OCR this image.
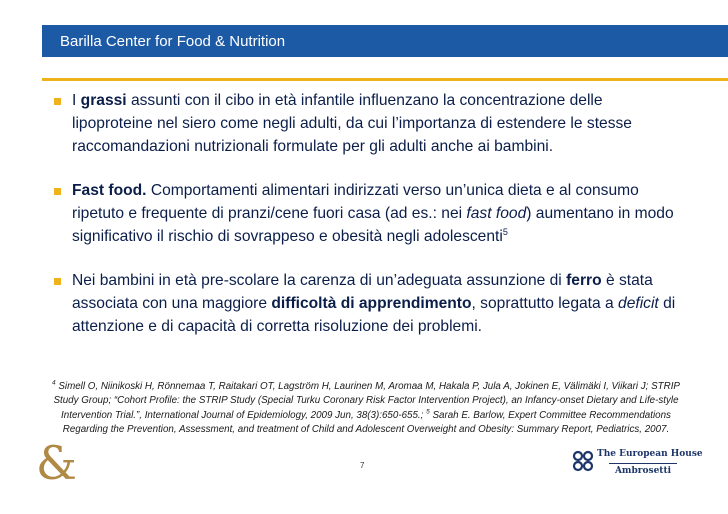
Barilla Center for Food & Nutrition
I grassi assunti con il cibo in età infantile influenzano la concentrazione delle lipoproteine nel siero come negli adulti, da cui l’importanza di estendere le stesse raccomandazioni nutrizionali formulate per gli adulti anche ai bambini.
Fast food. Comportamenti alimentari indirizzati verso un’unica dieta e al consumo ripetuto e frequente di pranzi/cene fuori casa (ad es.: nei fast food) aumentano in modo significativo il rischio di sovrappeso e obesità negli adolescenti$^5$
Nei bambini in età pre-scolare la carenza di un’adeguata assunzione di ferro è stata associata con una maggiore difficoltà di apprendimento, soprattutto legata a deficit di attenzione e di capacità di corretta risoluzione dei problemi.
$^4$ Simell O, Niinikoski H, Rönnemaa T, Raitakari OT, Lagström H, Laurinen M, Aromaa M, Hakala P, Jula A, Jokinen E, Välimäki I, Viikari J; STRIP Study Group; “Cohort Profile: the STRIP Study (Special Turku Coronary Risk Factor Intervention Project), an Infancy-onset Dietary and Life-style Intervention Trial.”, International Journal of Epidemiology, 2009 Jun, 38(3):650-655.; $^5$ Sarah E. Barlow, Expert Committee Recommendations Regarding the Prevention, Assessment, and treatment of Child and Adolescent Overweight and Obesity: Summary Report, Pediatrics, 2007.
7
&	The European House
Ambrosetti
